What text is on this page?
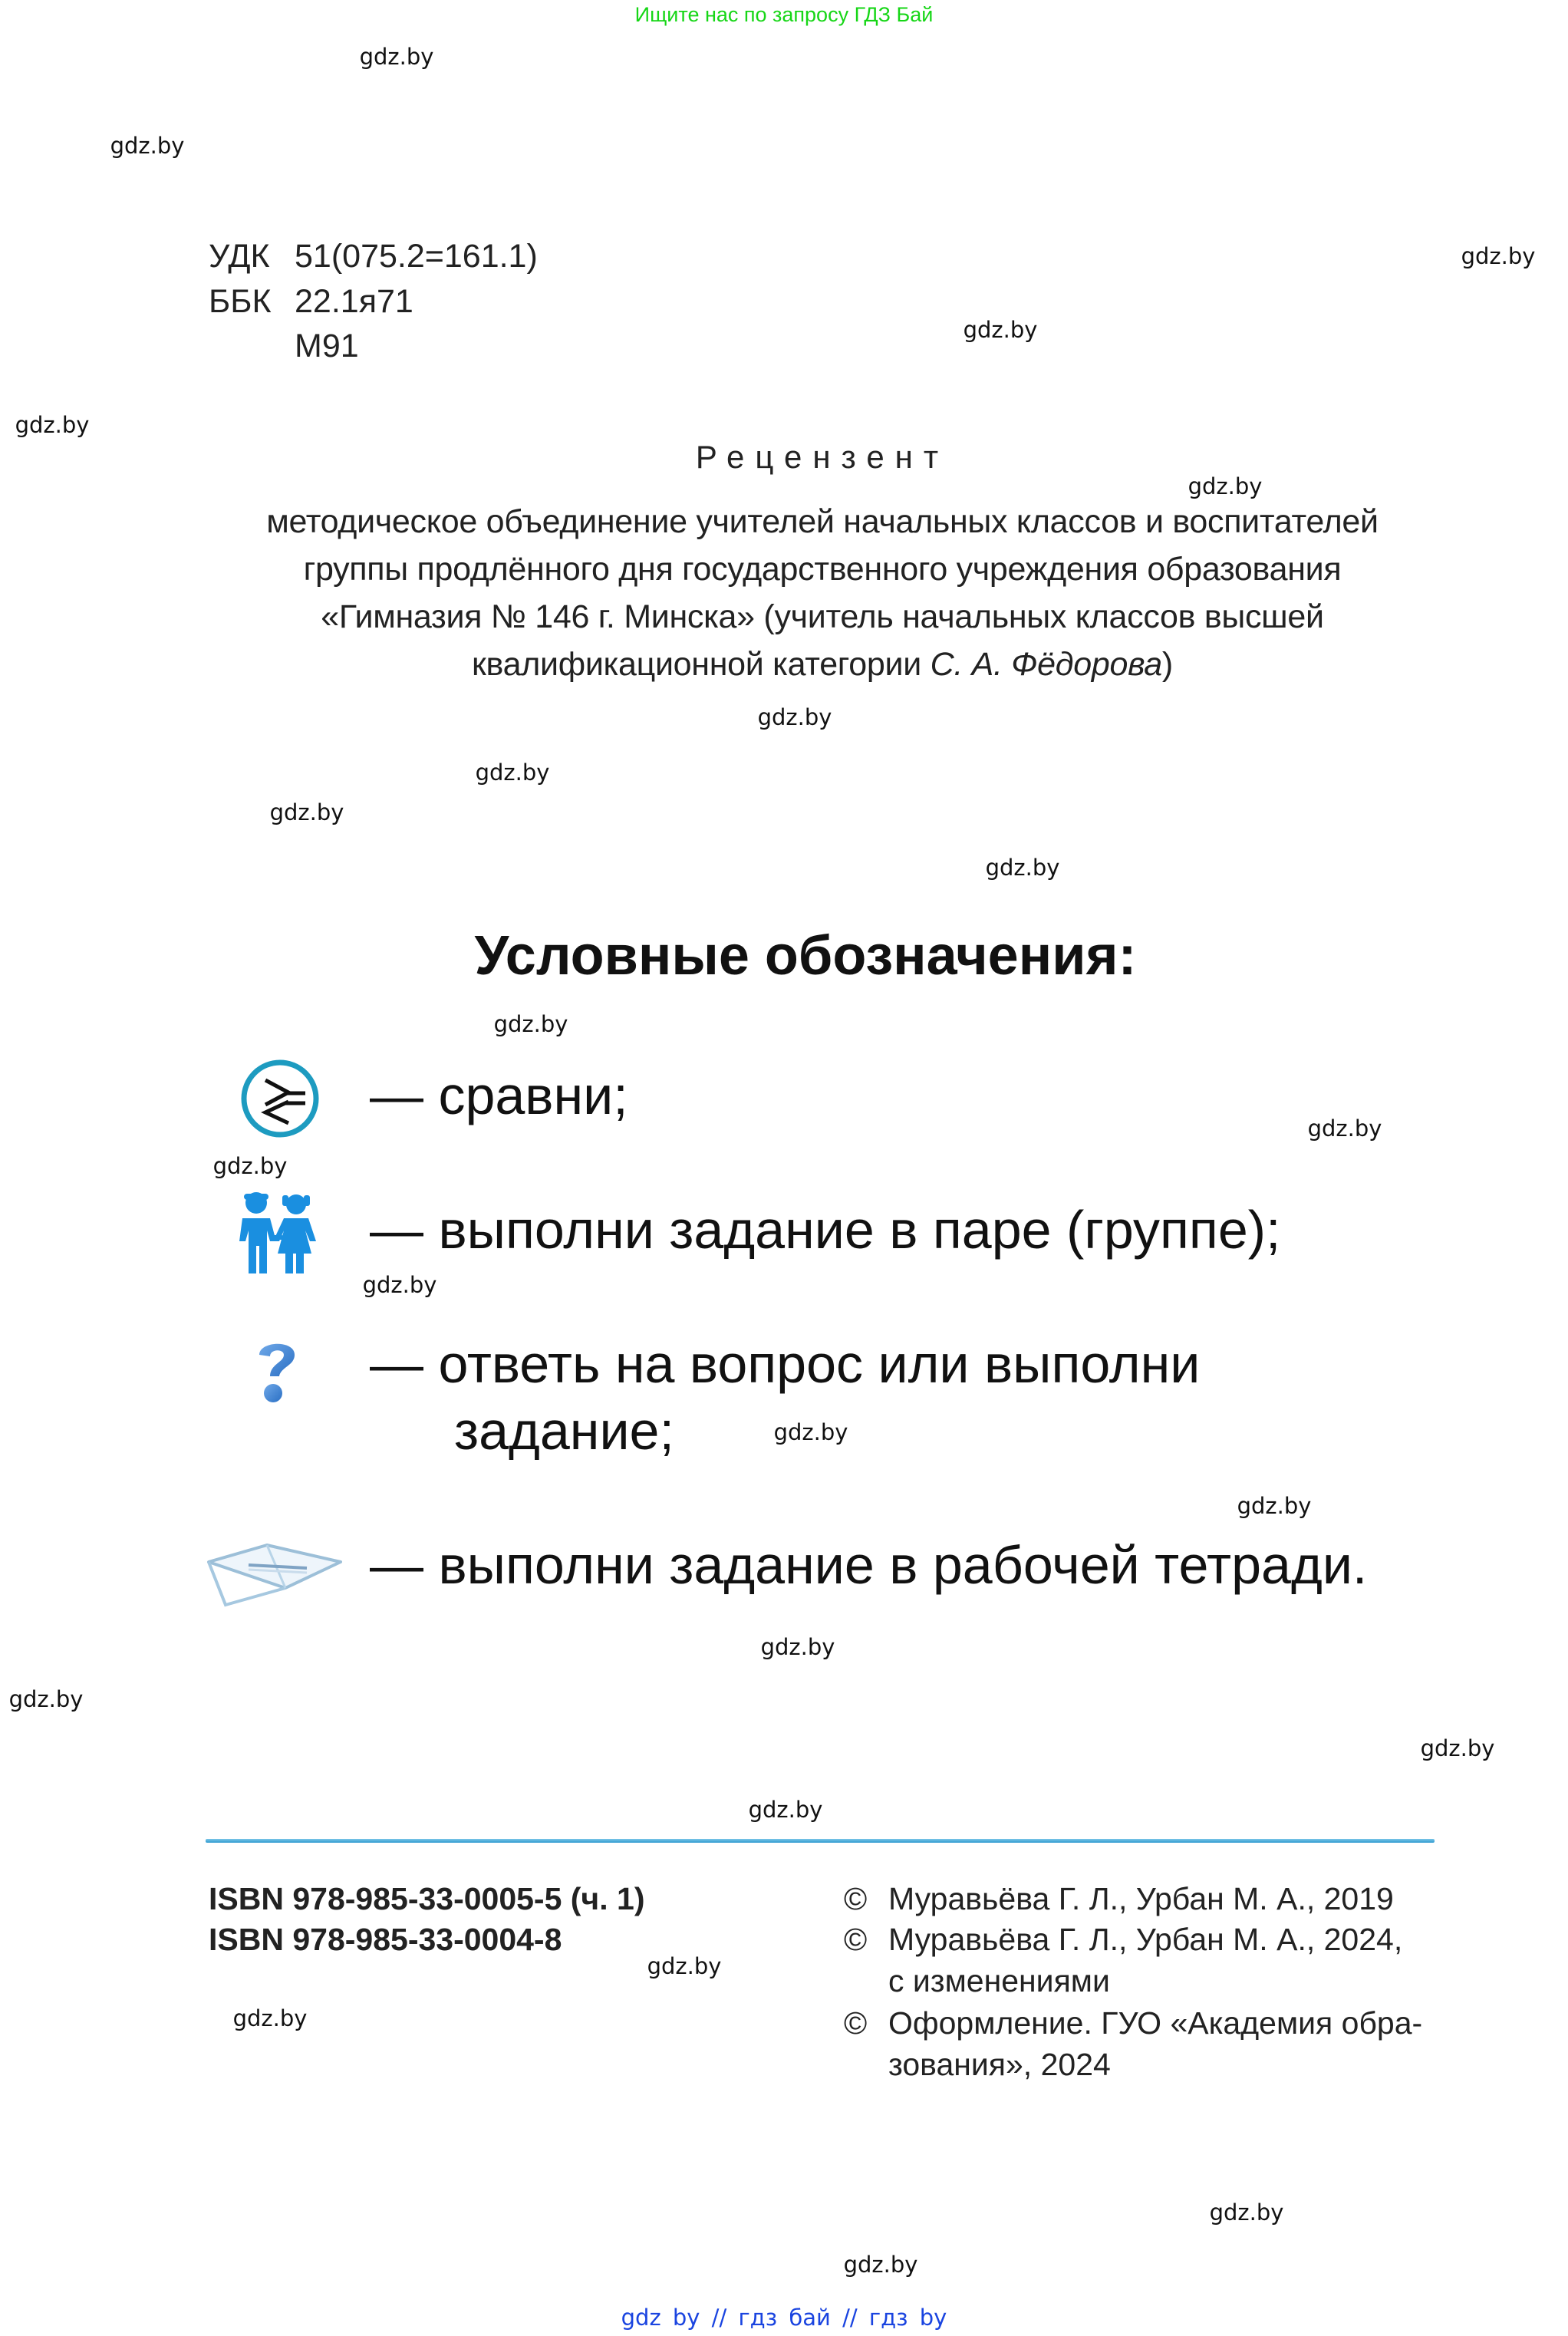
Ищите нас по запросу ГДЗ Бай
gdz.by
gdz.by
gdz.by
gdz.by
gdz.by
gdz.by
gdz.by
gdz.by
gdz.by
gdz.by
gdz.by
gdz.by
gdz.by
gdz.by
gdz.by
gdz.by
gdz.by
gdz.by
gdz.by
gdz.by
gdz.by
gdz.by
gdz.by
gdz.by
УДК 51(075.2=161.1)
ББК 22.1я71
М91
Рецензент
методическое объединение учителей начальных классов и воспитателей
группы продлённого дня государственного учреждения образования
«Гимназия № 146 г. Минска» (учитель начальных классов высшей
квалификационной категории С. А. Фёдорова)
Условные обозначения:
— сравни;
— выполни задание в паре (группе);
— ответь на вопрос или выполни
задание;
— выполни задание в рабочей тетради.
ISBN 978-985-33-0005-5 (ч. 1)
ISBN 978-985-33-0004-8
© Муравьёва Г. Л., Урбан М. А., 2019
© Муравьёва Г. Л., Урбан М. А., 2024,
с изменениями
© Оформление. ГУО «Академия обра-
зования», 2024
gdz by // гдз бай // гдз by
